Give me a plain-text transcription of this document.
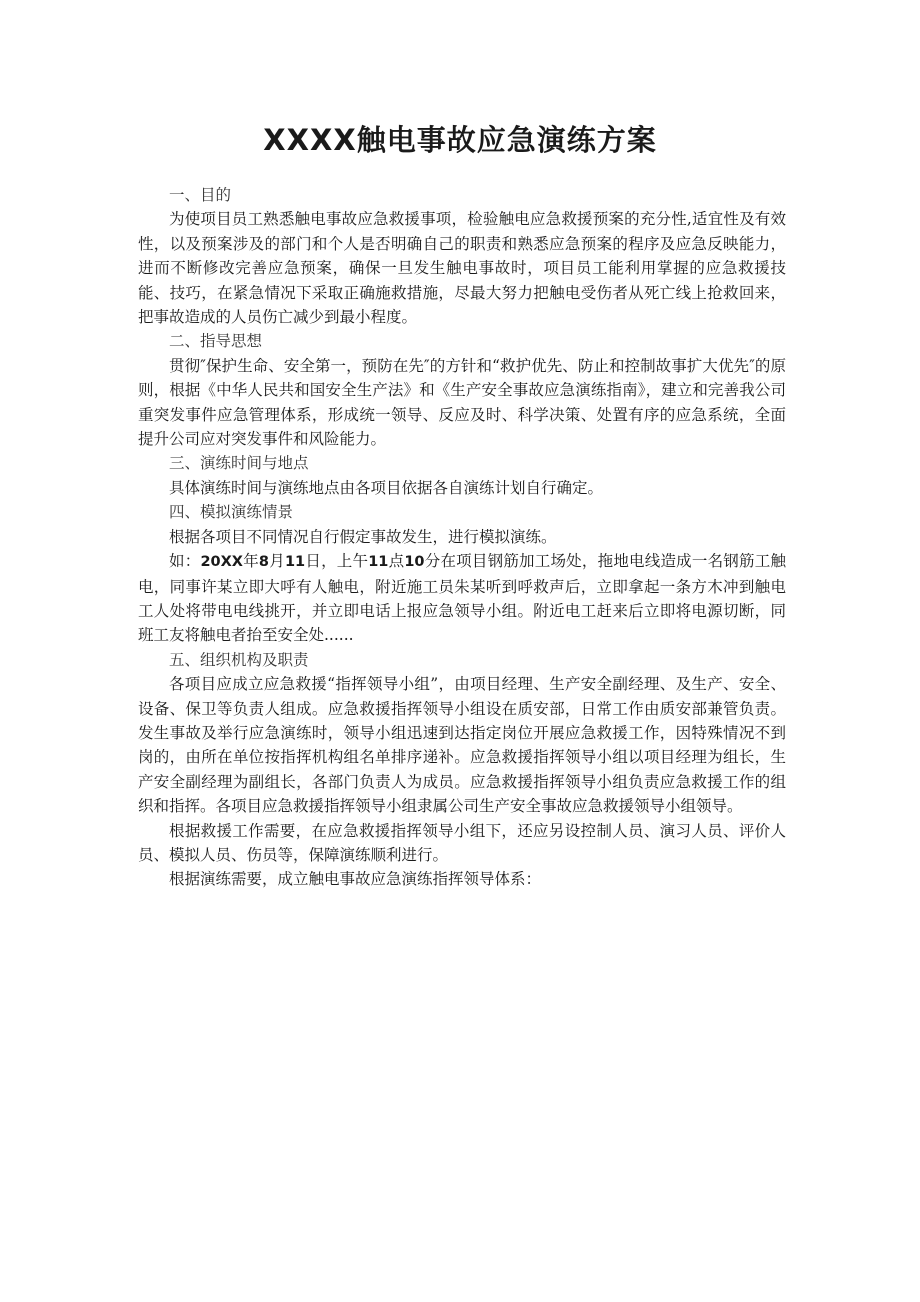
XXXX触电事故应急演练方案

一、目的

为使项目员工熟悉触电事故应急救援事项，检验触电应急救援预案的充分性,适宜性及有效性，以及预案涉及的部门和个人是否明确自己的职责和熟悉应急预案的程序及应急反映能力，进而不断修改完善应急预案，确保一旦发生触电事故时，项目员工能利用掌握的应急救援技能、技巧，在紧急情况下采取正确施救措施，尽最大努力把触电受伤者从死亡线上抢救回来，把事故造成的人员伤亡减少到最小程度。

二、指导思想

贯彻″保护生命、安全第一，预防在先″的方针和“救护优先、防止和控制故事扩大优先″的原则，根据《中华人民共和国安全生产法》和《生产安全事故应急演练指南》，建立和完善我公司重突发事件应急管理体系，形成统一领导、反应及时、科学决策、处置有序的应急系统，全面提升公司应对突发事件和风险能力。

三、演练时间与地点

具体演练时间与演练地点由各项目依据各自演练计划自行确定。

四、模拟演练情景

根据各项目不同情况自行假定事故发生，进行模拟演练。

如：20XX年8月11日，上午11点10分在项目钢筋加工场处，拖地电线造成一名钢筋工触电，同事许某立即大呼有人触电，附近施工员朱某听到呼救声后，立即拿起一条方木冲到触电工人处将带电电线挑开，并立即电话上报应急领导小组。附近电工赶来后立即将电源切断，同班工友将触电者抬至安全处......

五、组织机构及职责

各项目应成立应急救援“指挥领导小组”，由项目经理、生产安全副经理、及生产、安全、设备、保卫等负责人组成。应急救援指挥领导小组设在质安部，日常工作由质安部兼管负责。发生事故及举行应急演练时，领导小组迅速到达指定岗位开展应急救援工作，因特殊情况不到岗的，由所在单位按指挥机构组名单排序递补。应急救援指挥领导小组以项目经理为组长，生产安全副经理为副组长，各部门负责人为成员。应急救援指挥领导小组负责应急救援工作的组织和指挥。各项目应急救援指挥领导小组隶属公司生产安全事故应急救援领导小组领导。

根据救援工作需要，在应急救援指挥领导小组下，还应另设控制人员、演习人员、评价人员、模拟人员、伤员等，保障演练顺利进行。

根据演练需要，成立触电事故应急演练指挥领导体系：
